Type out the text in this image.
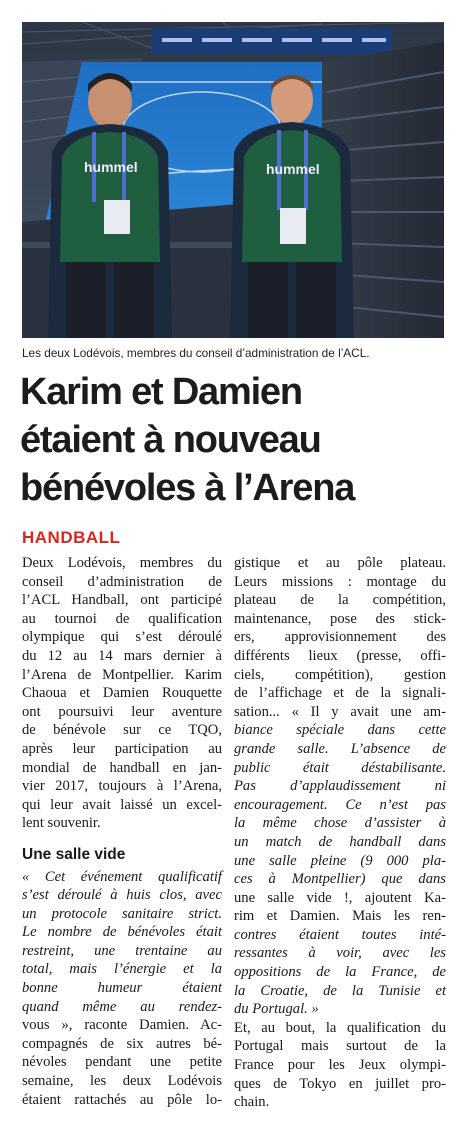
hummel	hummel
Les deux Lodévois, membres du conseil d’administration de l’ACL.
Karim et Damien
étaient à nouveau
bénévoles à l’Arena
HANDBALL
Deux Lodévois, membres du
conseil d’administration de
l’ACL Handball, ont participé
au tournoi de qualification
olympique qui s’est déroulé
du 12 au 14 mars dernier à
l’Arena de Montpellier. Karim
Chaoua et Damien Rouquette
ont poursuivi leur aventure
de bénévole sur ce TQO,
après leur participation au
mondial de handball en jan-
vier 2017, toujours à l’Arena,
qui leur avait laissé un excel-
lent souvenir.
Une salle vide
« Cet événement qualificatif
s’est déroulé à huis clos, avec
un protocole sanitaire strict.
Le nombre de bénévoles était
restreint, une trentaine au
total, mais l’énergie et la
bonne humeur étaient
quand même au rendez-
vous », raconte Damien. Ac-
compagnés de six autres bé-
névoles pendant une petite
semaine, les deux Lodévois
étaient rattachés au pôle lo-
gistique et au pôle plateau.
Leurs missions : montage du
plateau de la compétition,
maintenance, pose des stick-
ers, approvisionnement des
différents lieux (presse, offi-
ciels, compétition), gestion
de l’affichage et de la signali-
sation... « Il y avait une am-
biance spéciale dans cette
grande salle. L’absence de
public était déstabilisante.
Pas d’applaudissement ni
encouragement. Ce n’est pas
la même chose d’assister à
un match de handball dans
une salle pleine (9 000 pla-
ces à Montpellier) que dans
une salle vide !, ajoutent Ka-
rim et Damien. Mais les ren-
contres étaient toutes inté-
ressantes à voir, avec les
oppositions de la France, de
la Croatie, de la Tunisie et
du Portugal. »
Et, au bout, la qualification du
Portugal mais surtout de la
France pour les Jeux olympi-
ques de Tokyo en juillet pro-
chain.
